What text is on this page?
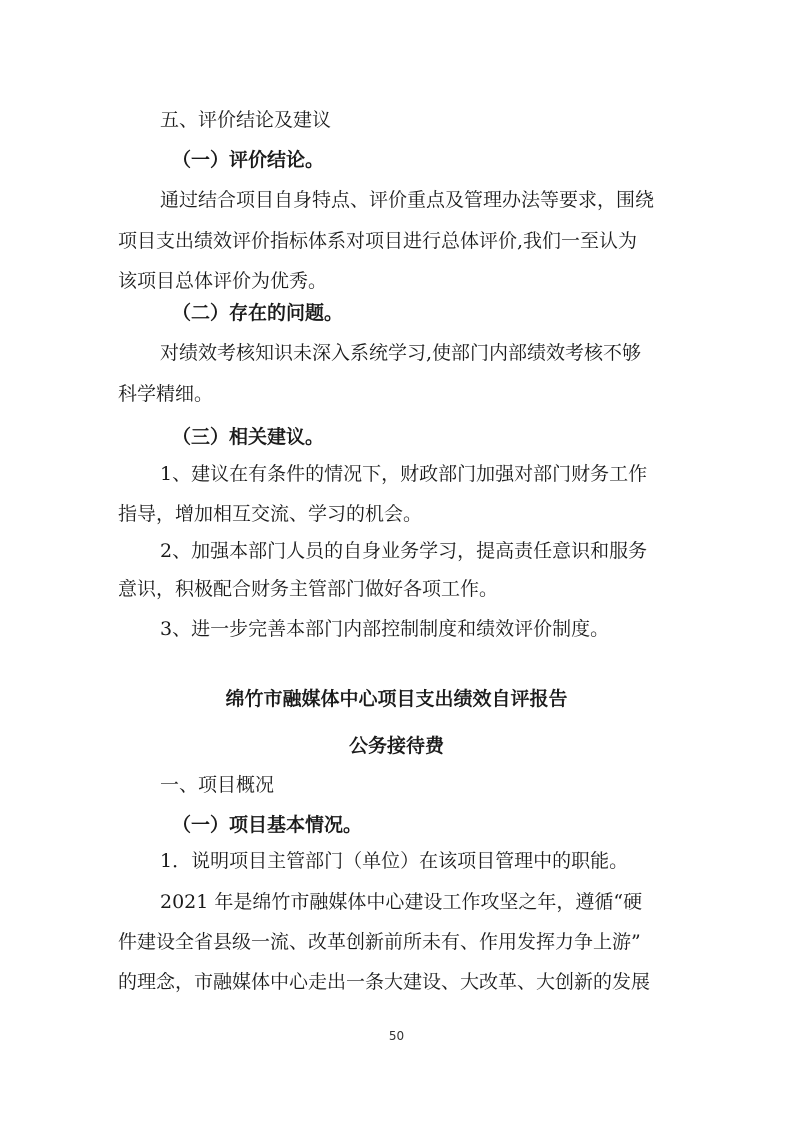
五、评价结论及建议
（一）评价结论。
通过结合项目自身特点、评价重点及管理办法等要求，围绕
项目支出绩效评价指标体系对项目进行总体评价,我们一至认为
该项目总体评价为优秀。
（二）存在的问题。
对绩效考核知识未深入系统学习,使部门内部绩效考核不够
科学精细。
（三）相关建议。
1、建议在有条件的情况下，财政部门加强对部门财务工作
指导，增加相互交流、学习的机会。
2、加强本部门人员的自身业务学习，提高责任意识和服务
意识，积极配合财务主管部门做好各项工作。
3、进一步完善本部门内部控制制度和绩效评价制度。
绵竹市融媒体中心项目支出绩效自评报告
公务接待费
一、项目概况
（一）项目基本情况。
1．说明项目主管部门（单位）在该项目管理中的职能。
2021 年是绵竹市融媒体中心建设工作攻坚之年，遵循“硬
件建设全省县级一流、改革创新前所未有、作用发挥力争上游”
的理念，市融媒体中心走出一条大建设、大改革、大创新的发展
50
